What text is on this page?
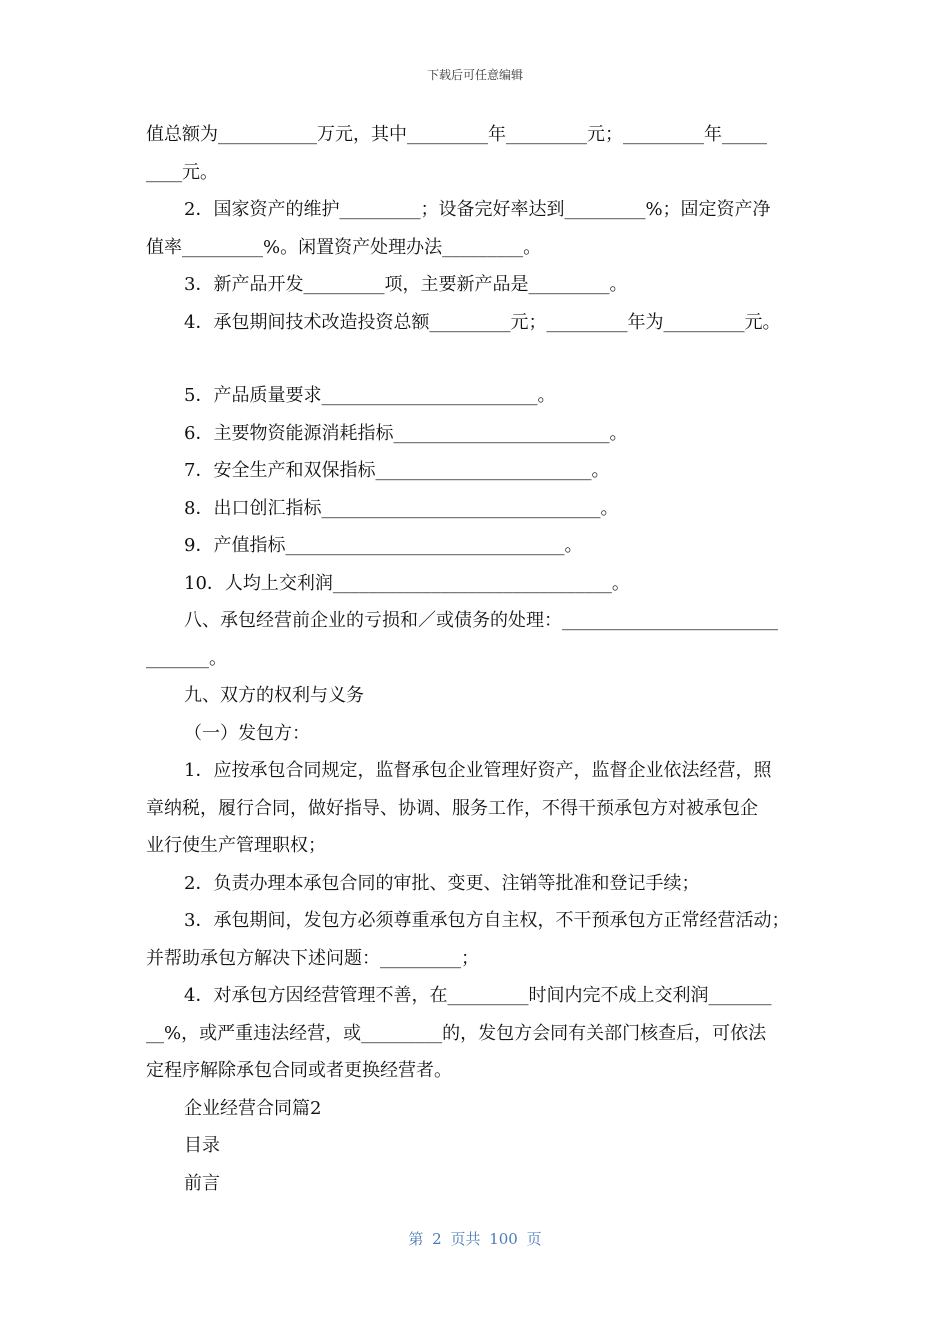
下载后可任意编辑
值总额为___________万元，其中_________年_________元；_________年_____
____元。
2．国家资产的维护_________；设备完好率达到_________%；固定资产净
值率_________%。闲置资产处理办法_________。
3．新产品开发_________项，主要新产品是_________。
4．承包期间技术改造投资总额_________元；_________年为_________元。
5．产品质量要求________________________。
6．主要物资能源消耗指标________________________。
7．安全生产和双保指标________________________。
8．出口创汇指标_______________________________。
9．产值指标_______________________________。
10．人均上交利润_______________________________。
八、承包经营前企业的亏损和／或债务的处理：________________________
_______。
九、双方的权利与义务
（一）发包方：
1．应按承包合同规定，监督承包企业管理好资产，监督企业依法经营，照
章纳税，履行合同，做好指导、协调、服务工作，不得干预承包方对被承包企
业行使生产管理职权；
2．负责办理本承包合同的审批、变更、注销等批准和登记手续；
3．承包期间，发包方必须尊重承包方自主权，不干预承包方正常经营活动；
并帮助承包方解决下述问题：_________；
4．对承包方因经营管理不善，在_________时间内完不成上交利润_______
__%，或严重违法经营，或_________的，发包方会同有关部门核查后，可依法
定程序解除承包合同或者更换经营者。
企业经营合同篇2
目录
前言
第 2 页共 100 页
